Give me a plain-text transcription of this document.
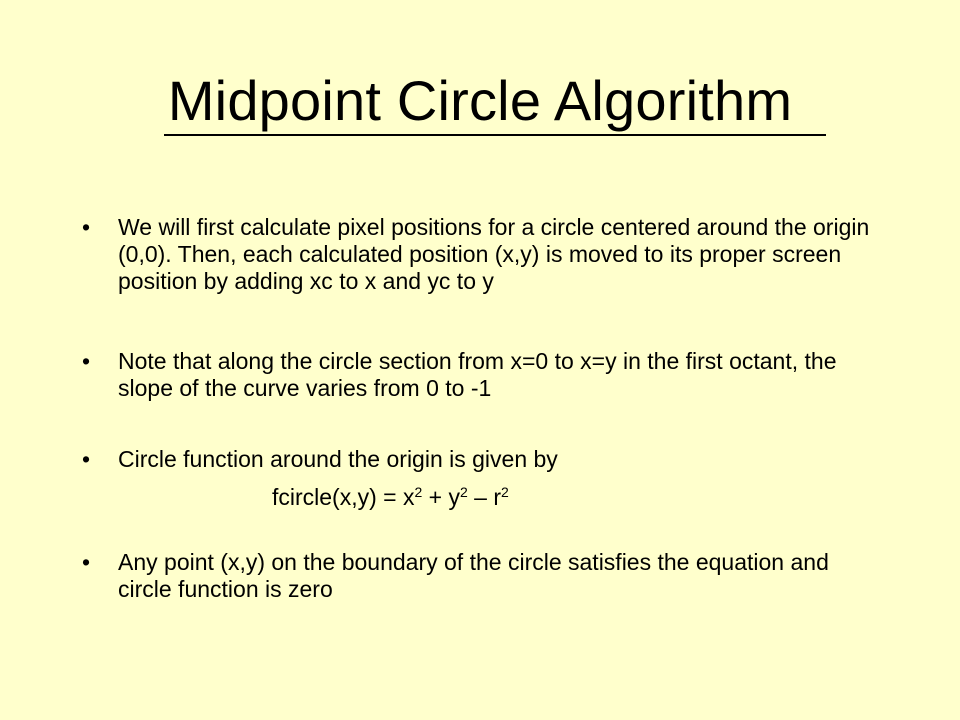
Midpoint Circle Algorithm
• We will first calculate pixel positions for a circle centered around the origin (0,0). Then, each calculated position (x,y) is moved to its proper screen position by adding xc to x and yc to y
• Note that along the circle section from x=0 to x=y in the first octant, the slope of the curve varies from 0 to -1
• Circle function around the origin is given by
• Any point (x,y) on the boundary of the circle satisfies the equation and circle function is zero
fcircle(x,y) = $x^2 + y^2 - r^2$
